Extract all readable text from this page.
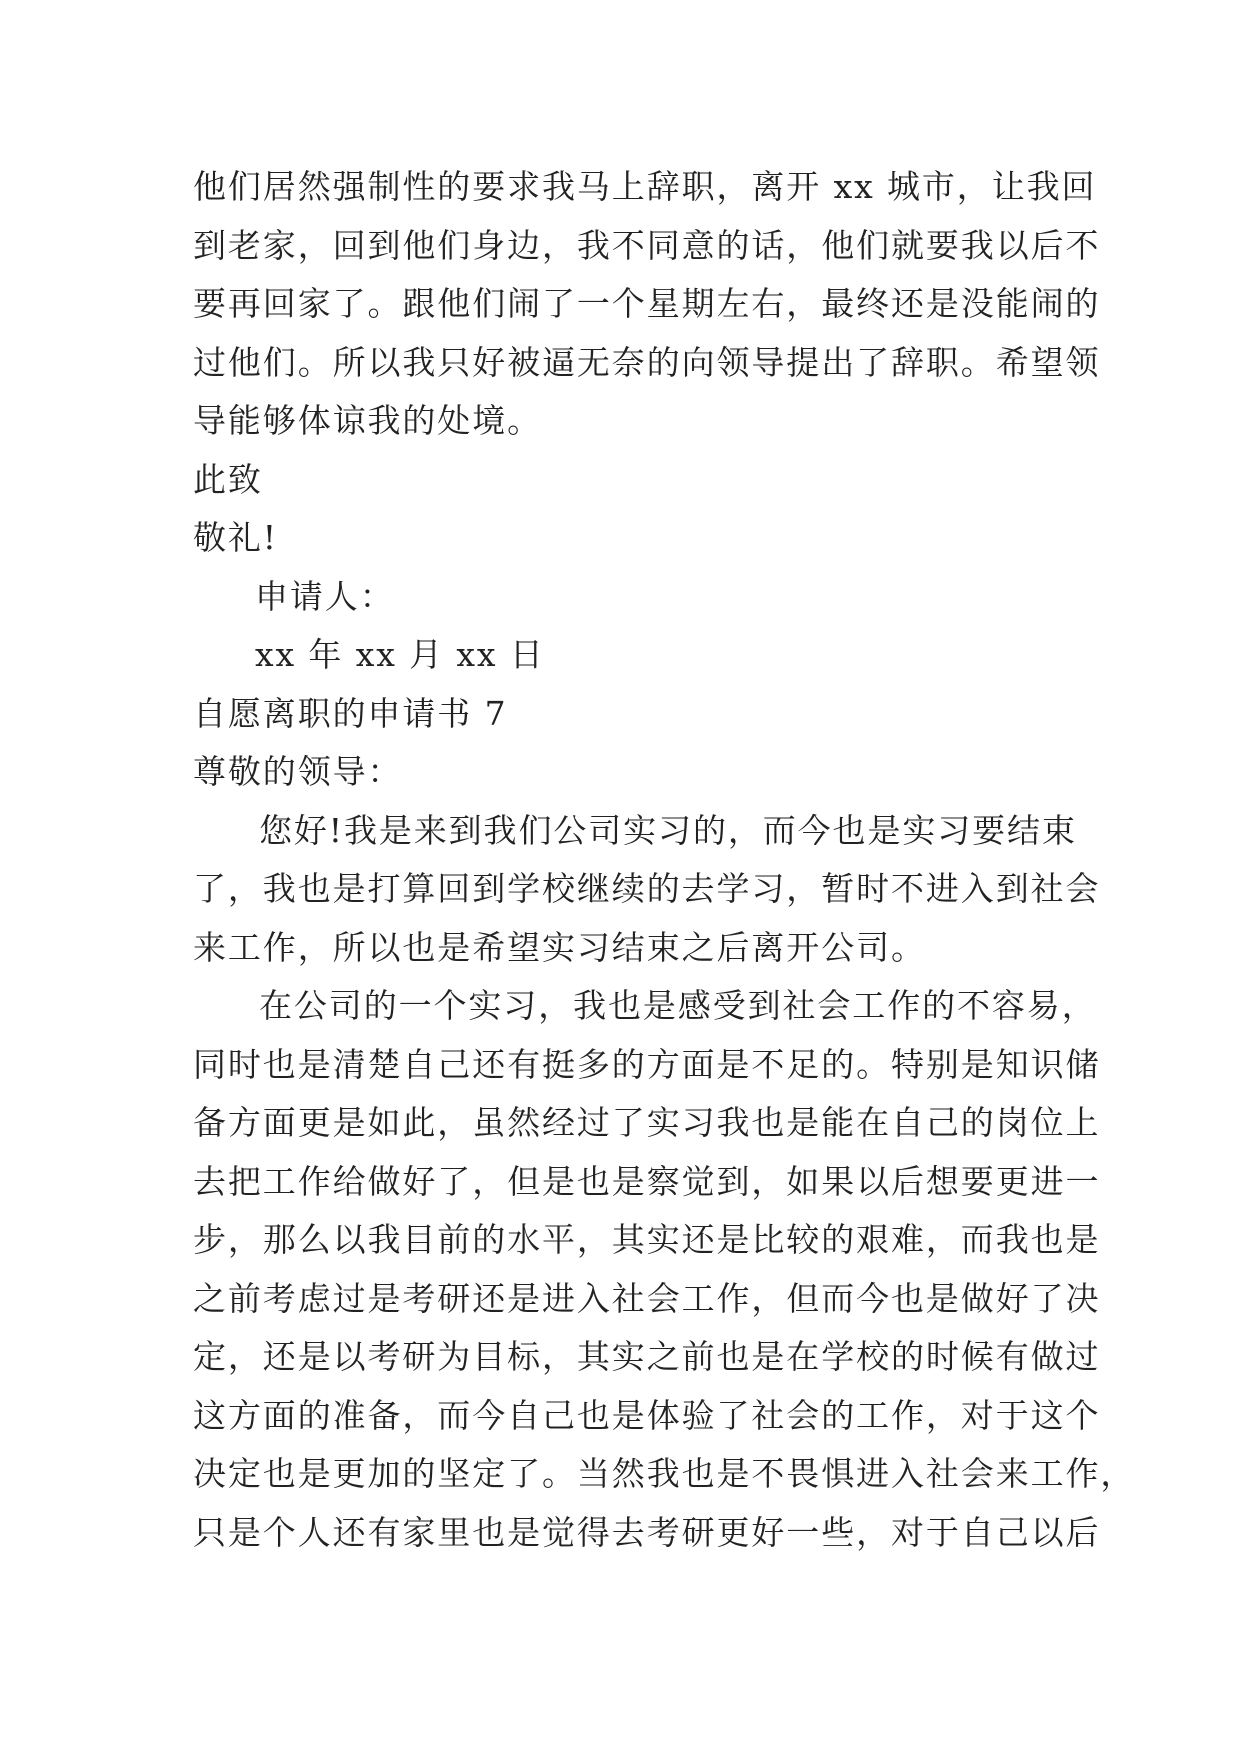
他们居然强制性的要求我马上辞职，离开 xx 城市，让我回
到老家，回到他们身边，我不同意的话，他们就要我以后不
要再回家了。跟他们闹了一个星期左右，最终还是没能闹的
过他们。所以我只好被逼无奈的向领导提出了辞职。希望领
导能够体谅我的处境。
此致
敬礼!
申请人：
xx 年 xx 月 xx 日
自愿离职的申请书 7
尊敬的领导：
您好!我是来到我们公司实习的，而今也是实习要结束
了，我也是打算回到学校继续的去学习，暂时不进入到社会
来工作，所以也是希望实习结束之后离开公司。
在公司的一个实习，我也是感受到社会工作的不容易，
同时也是清楚自己还有挺多的方面是不足的。特别是知识储
备方面更是如此，虽然经过了实习我也是能在自己的岗位上
去把工作给做好了，但是也是察觉到，如果以后想要更进一
步，那么以我目前的水平，其实还是比较的艰难，而我也是
之前考虑过是考研还是进入社会工作，但而今也是做好了决
定，还是以考研为目标，其实之前也是在学校的时候有做过
这方面的准备，而今自己也是体验了社会的工作，对于这个
决定也是更加的坚定了。当然我也是不畏惧进入社会来工作，
只是个人还有家里也是觉得去考研更好一些，对于自己以后
